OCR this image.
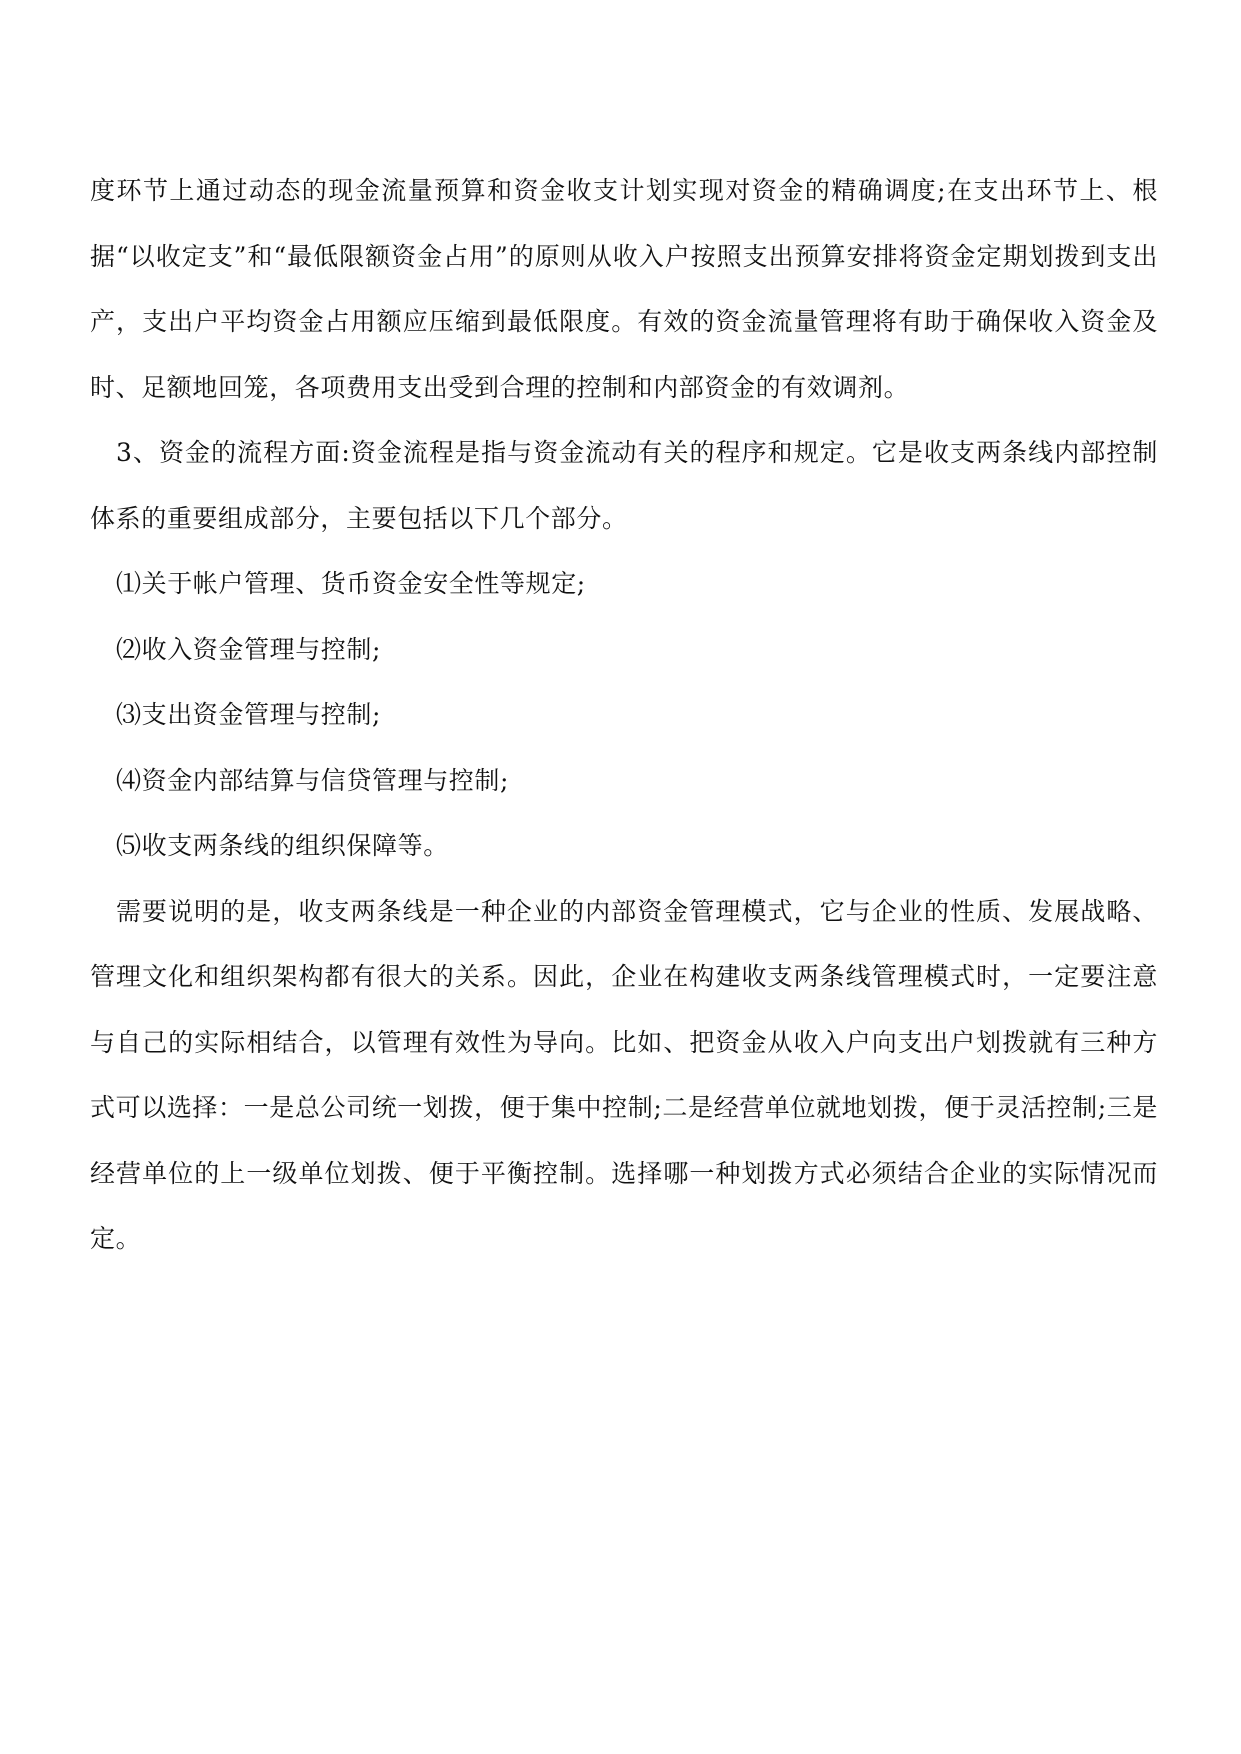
度环节上通过动态的现金流量预算和资金收支计划实现对资金的精确调度;在支出环节上、根据“以收定支”和“最低限额资金占用”的原则从收入户按照支出预算安排将资金定期划拨到支出产，支出户平均资金占用额应压缩到最低限度。有效的资金流量管理将有助于确保收入资金及时、足额地回笼，各项费用支出受到合理的控制和内部资金的有效调剂。

3、资金的流程方面:资金流程是指与资金流动有关的程序和规定。它是收支两条线内部控制体系的重要组成部分，主要包括以下几个部分。

⑴关于帐户管理、货币资金安全性等规定;

⑵收入资金管理与控制;

⑶支出资金管理与控制;

⑷资金内部结算与信贷管理与控制;

⑸收支两条线的组织保障等。

需要说明的是，收支两条线是一种企业的内部资金管理模式，它与企业的性质、发展战略、管理文化和组织架构都有很大的关系。因此，企业在构建收支两条线管理模式时，一定要注意与自己的实际相结合，以管理有效性为导向。比如、把资金从收入户向支出户划拨就有三种方式可以选择：一是总公司统一划拨，便于集中控制;二是经营单位就地划拨，便于灵活控制;三是经营单位的上一级单位划拨、便于平衡控制。选择哪一种划拨方式必须结合企业的实际情况而定。
